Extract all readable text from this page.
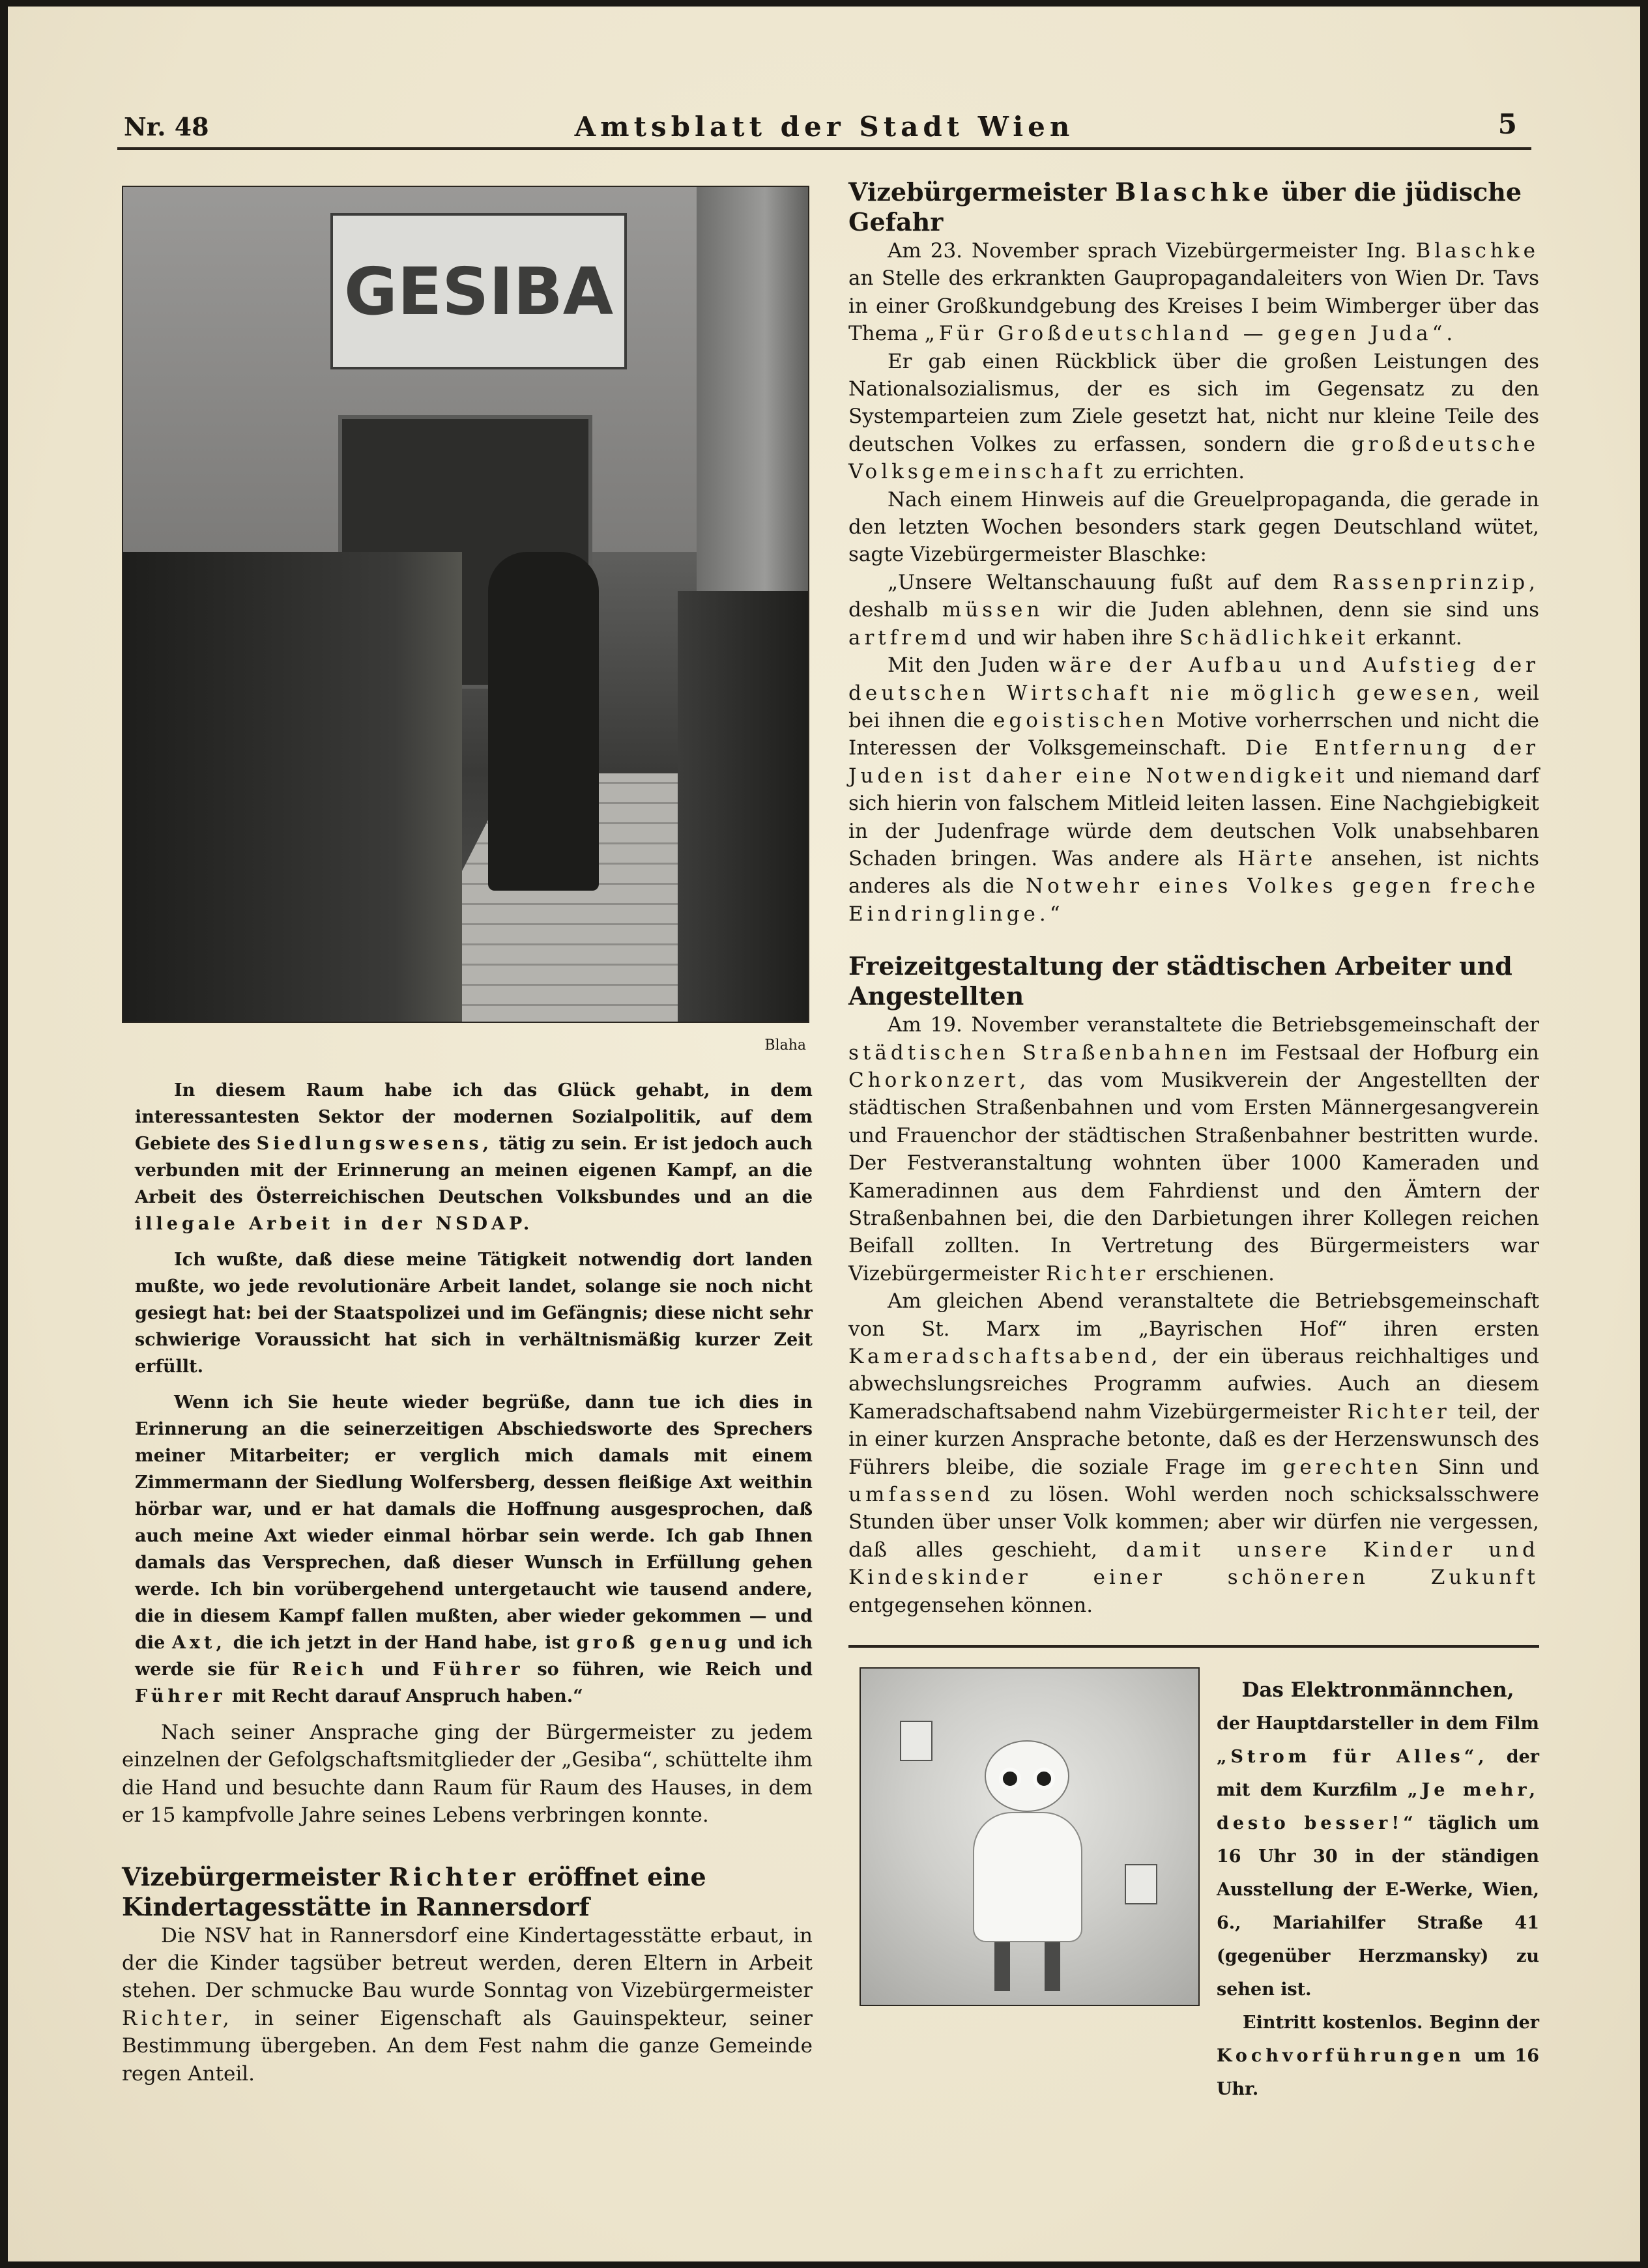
Nr. 48	Amtsblatt der Stadt Wien	5
GESIBA
Blaha

In diesem Raum habe ich das Glück gehabt, in dem interessantesten Sektor der modernen Sozialpolitik, auf dem Gebiete des Siedlungswesens, tätig zu sein. Er ist jedoch auch verbunden mit der Erinnerung an meinen eigenen Kampf, an die Arbeit des Österreichischen Deutschen Volksbundes und an die illegale Arbeit in der NSDAP.

Ich wußte, daß diese meine Tätigkeit notwendig dort landen mußte, wo jede revolutionäre Arbeit landet, solange sie noch nicht gesiegt hat: bei der Staatspolizei und im Gefängnis; diese nicht sehr schwierige Voraussicht hat sich in verhältnismäßig kurzer Zeit erfüllt.

Wenn ich Sie heute wieder begrüße, dann tue ich dies in Erinnerung an die seinerzeitigen Abschiedsworte des Sprechers meiner Mitarbeiter; er verglich mich damals mit einem Zimmermann der Siedlung Wolfersberg, dessen fleißige Axt weithin hörbar war, und er hat damals die Hoffnung ausgesprochen, daß auch meine Axt wieder einmal hörbar sein werde. Ich gab Ihnen damals das Versprechen, daß dieser Wunsch in Erfüllung gehen werde. Ich bin vorübergehend untergetaucht wie tausend andere, die in diesem Kampf fallen mußten, aber wieder gekommen — und die Axt, die ich jetzt in der Hand habe, ist groß genug und ich werde sie für Reich und Führer so führen, wie Reich und Führer mit Recht darauf Anspruch haben.“

Nach seiner Ansprache ging der Bürgermeister zu jedem einzelnen der Gefolgschaftsmitglieder der „Gesiba“, schüttelte ihm die Hand und besuchte dann Raum für Raum des Hauses, in dem er 15 kampfvolle Jahre seines Lebens verbringen konnte.

Vizebürgermeister Richter eröffnet eine Kindertagesstätte in Rannersdorf

Die NSV hat in Rannersdorf eine Kindertagesstätte erbaut, in der die Kinder tagsüber betreut werden, deren Eltern in Arbeit stehen. Der schmucke Bau wurde Sonntag von Vizebürgermeister Richter, in seiner Eigenschaft als Gauinspekteur, seiner Bestimmung übergeben. An dem Fest nahm die ganze Gemeinde regen Anteil.

Vizebürgermeister Blaschke über die jüdische Gefahr

Am 23. November sprach Vizebürgermeister Ing. Blaschke an Stelle des erkrankten Gaupropagandaleiters von Wien Dr. Tavs in einer Großkundgebung des Kreises I beim Wimberger über das Thema „Für Großdeutschland — gegen Juda“.

Er gab einen Rückblick über die großen Leistungen des Nationalsozialismus, der es sich im Gegensatz zu den Systemparteien zum Ziele gesetzt hat, nicht nur kleine Teile des deutschen Volkes zu erfassen, sondern die großdeutsche Volksgemeinschaft zu errichten.

Nach einem Hinweis auf die Greuelpropaganda, die gerade in den letzten Wochen besonders stark gegen Deutschland wütet, sagte Vizebürgermeister Blaschke:

„Unsere Weltanschauung fußt auf dem Rassenprinzip, deshalb müssen wir die Juden ablehnen, denn sie sind uns artfremd und wir haben ihre Schädlichkeit erkannt.

Mit den Juden wäre der Aufbau und Aufstieg der deutschen Wirtschaft nie möglich gewesen, weil bei ihnen die egoistischen Motive vorherrschen und nicht die Interessen der Volksgemeinschaft. Die Entfernung der Juden ist daher eine Notwendigkeit und niemand darf sich hierin von falschem Mitleid leiten lassen. Eine Nachgiebigkeit in der Judenfrage würde dem deutschen Volk unabsehbaren Schaden bringen. Was andere als Härte ansehen, ist nichts anderes als die Notwehr eines Volkes gegen freche Eindringlinge.“

Freizeitgestaltung der städtischen Arbeiter und Angestellten

Am 19. November veranstaltete die Betriebsgemeinschaft der städtischen Straßenbahnen im Festsaal der Hofburg ein Chorkonzert, das vom Musikverein der Angestellten der städtischen Straßenbahnen und vom Ersten Männergesangverein und Frauenchor der städtischen Straßenbahner bestritten wurde. Der Festveranstaltung wohnten über 1000 Kameraden und Kameradinnen aus dem Fahrdienst und den Ämtern der Straßenbahnen bei, die den Darbietungen ihrer Kollegen reichen Beifall zollten. In Vertretung des Bürgermeisters war Vizebürgermeister Richter erschienen.

Am gleichen Abend veranstaltete die Betriebsgemeinschaft von St. Marx im „Bayrischen Hof“ ihren ersten Kameradschaftsabend, der ein überaus reichhaltiges und abwechslungsreiches Programm aufwies. Auch an diesem Kameradschaftsabend nahm Vizebürgermeister Richter teil, der in einer kurzen Ansprache betonte, daß es der Herzenswunsch des Führers bleibe, die soziale Frage im gerechten Sinn und umfassend zu lösen. Wohl werden noch schicksalsschwere Stunden über unser Volk kommen; aber wir dürfen nie vergessen, daß alles geschieht, damit unsere Kinder und Kindeskinder einer schöneren Zukunft entgegensehen können.

Das Elektronmännchen,
der Hauptdarsteller in dem Film „Strom für Alles“, der mit dem Kurzfilm „Je mehr, desto besser!“ täglich um 16 Uhr 30 in der ständigen Ausstellung der E-Werke, Wien, 6., Mariahilfer Straße 41 (gegenüber Herzmansky) zu sehen ist.
Eintritt kostenlos. Beginn der Kochvorführungen um 16 Uhr.
